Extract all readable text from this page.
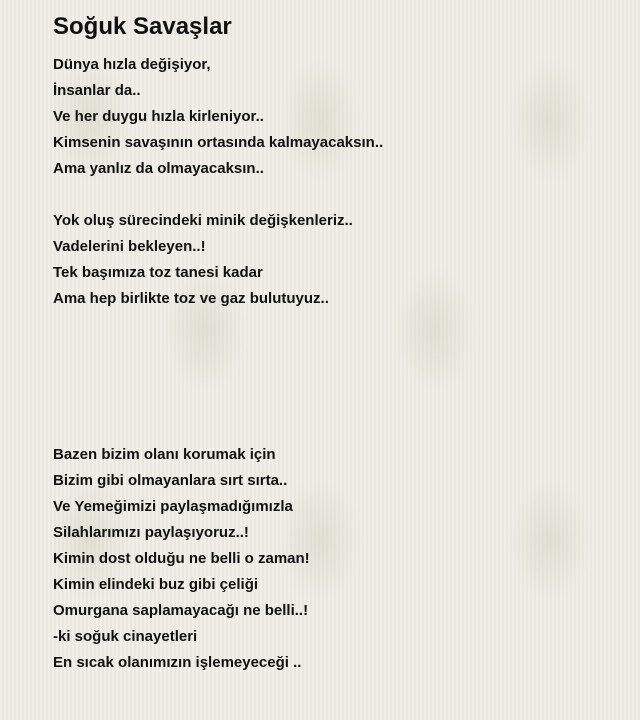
Soğuk Savaşlar
Dünya hızla değişiyor,
İnsanlar da..
Ve her duygu hızla kirleniyor..
Kimsenin savaşının ortasında kalmayacaksın..
Ama yanlız da olmayacaksın..
Yok oluş sürecindeki minik değişkenleriz..
Vadelerini bekleyen..!
Tek başımıza toz tanesi kadar
Ama hep birlikte toz ve gaz bulutuyuz..
Bazen bizim olanı korumak için
Bizim gibi olmayanlara sırt sırta..
Ve Yemeğimizi paylaşmadığımızla
Silahlarımızı paylaşıyoruz..!
Kimin dost olduğu ne belli o zaman!
Kimin elindeki buz gibi çeliği
Omurgana saplamayacağı ne belli..!
-ki soğuk cinayetleri
En sıcak olanımızın işlemeyeceği ..
